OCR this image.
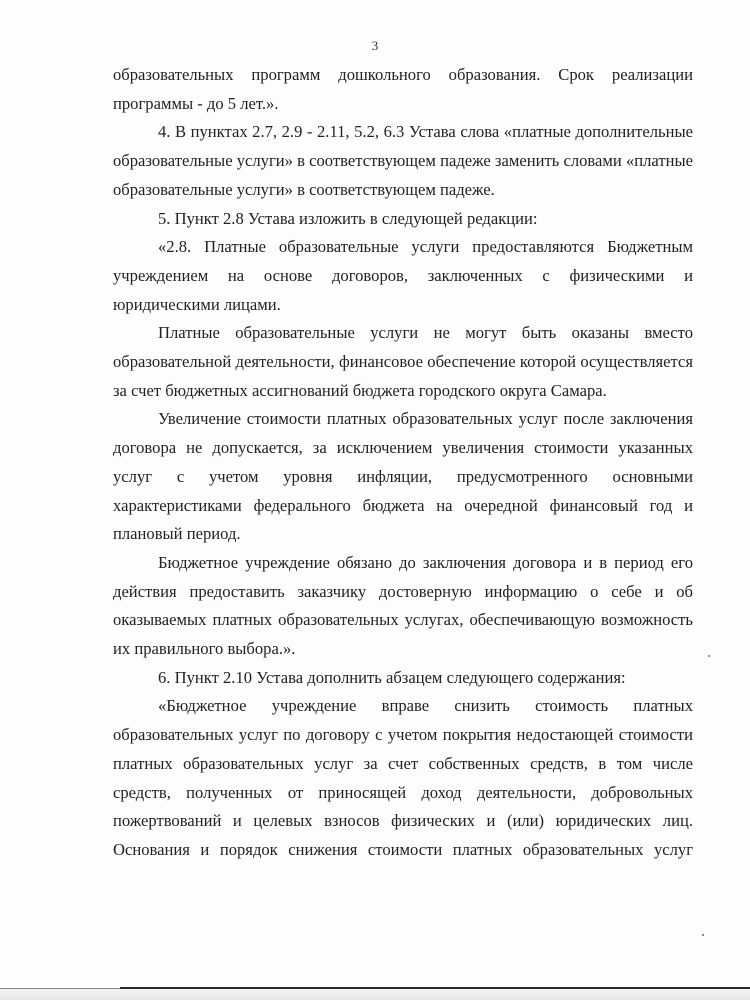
3

образовательных программ дошкольного образования. Срок реализации программы - до 5 лет.».

4. В пунктах 2.7, 2.9 - 2.11, 5.2, 6.3 Устава слова «платные дополнительные образовательные услуги» в соответствующем падеже заменить словами «платные образовательные услуги» в соответствующем падеже.

5. Пункт 2.8 Устава изложить в следующей редакции:

«2.8. Платные образовательные услуги предоставляются Бюджетным учреждением на основе договоров, заключенных с физическими и юридическими лицами.

Платные образовательные услуги не могут быть оказаны вместо образовательной деятельности, финансовое обеспечение которой осуществляется за счет бюджетных ассигнований бюджета городского округа Самара.

Увеличение стоимости платных образовательных услуг после заключения договора не допускается, за исключением увеличения стоимости указанных услуг с учетом уровня инфляции, предусмотренного основными характеристиками федерального бюджета на очередной финансовый год и плановый период.

Бюджетное учреждение обязано до заключения договора и в период его действия предоставить заказчику достоверную информацию о себе и об оказываемых платных образовательных услугах, обеспечивающую возможность их правильного выбора.».

6. Пункт 2.10 Устава дополнить абзацем следующего содержания:

«Бюджетное учреждение вправе снизить стоимость платных образовательных услуг по договору с учетом покрытия недостающей стоимости платных образовательных услуг за счет собственных средств, в том числе средств, полученных от приносящей доход деятельности, добровольных пожертвований и целевых взносов физических и (или) юридических лиц. Основания и порядок снижения стоимости платных образовательных услуг
